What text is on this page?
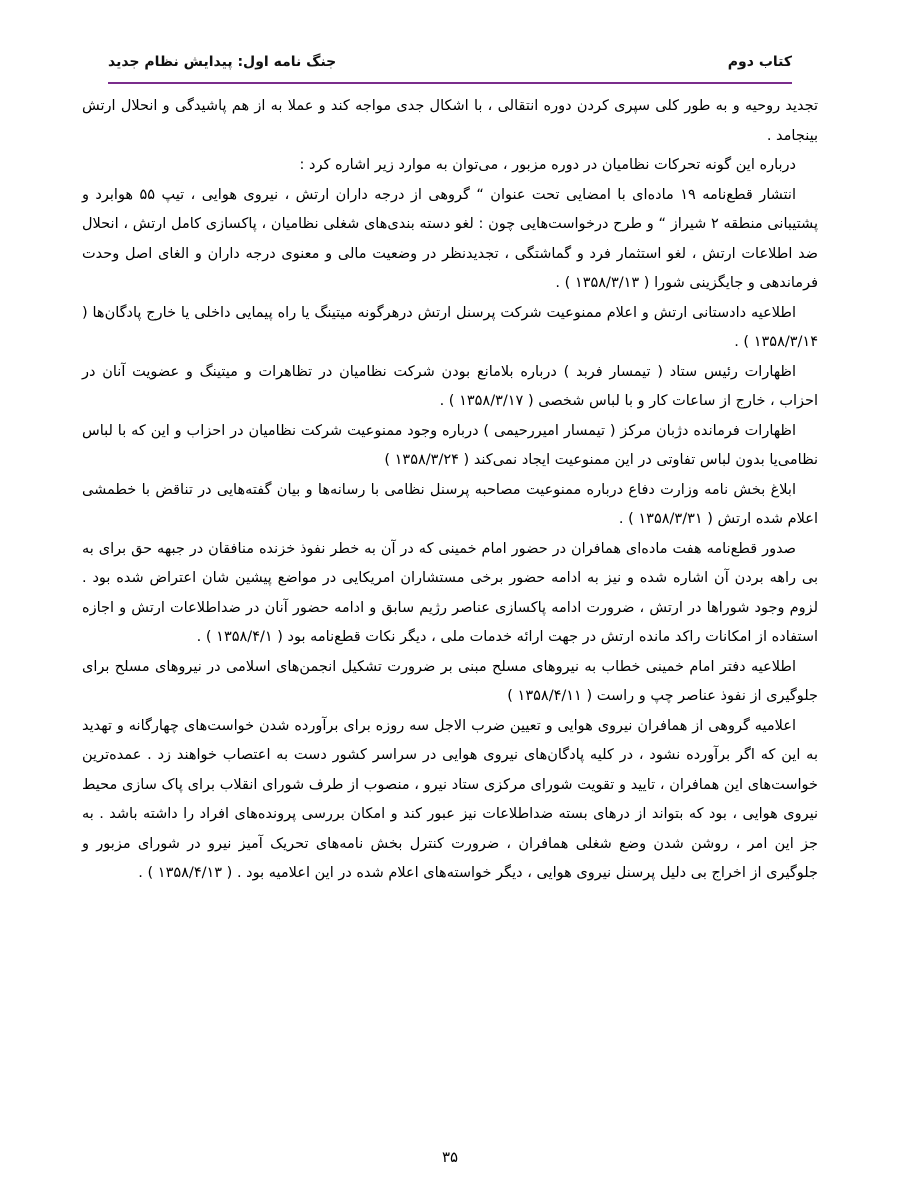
کتاب دوم
جنگ نامه اول: پیدایش نظام جدید

تجدید روحیه و به طور کلی سپری کردن دوره انتقالی ، با اشکال جدی مواجه کند و عملا به از هم پاشیدگی و انحلال ارتش بینجامد .

درباره این گونه تحرکات نظامیان در دوره مزبور ، می‌توان به موارد زیر اشاره کرد :

انتشار قطع‌نامه ۱۹ ماده‌ای با امضایی تحت عنوان “ گروهی از درجه داران ارتش ، نیروی هوایی ، تیپ ۵۵ هوابرد و پشتیبانی منطقه ۲ شیراز “ و طرح درخواست‌هایی چون : لغو دسته بندی‌های شغلی نظامیان ، پاکسازی کامل ارتش ، انحلال ضد اطلاعات ارتش ، لغو استثمار فرد و گماشتگی ، تجدیدنظر در وضعیت مالی و معنوی درجه داران و الغای اصل وحدت فرماندهی و جایگزینی شورا ( ۱۳۵۸/۳/۱۳ ) .

اطلاعیه دادستانی ارتش و اعلام ممنوعیت شرکت پرسنل ارتش درهرگونه میتینگ یا راه پیمایی داخلی یا خارج پادگان‌ها ( ۱۳۵۸/۳/۱۴ ) .

اظهارات رئیس ستاد ( تیمسار فربد ) درباره بلامانع بودن شرکت نظامیان در تظاهرات و میتینگ و عضویت آنان در احزاب ، خارج از ساعات کار و با لباس شخصی ( ۱۳۵۸/۳/۱۷ ) .

اظهارات فرمانده دژبان مرکز ( تیمسار امیررحیمی ) درباره وجود ممنوعیت شرکت نظامیان در احزاب و این که با لباس نظامی‌یا بدون لباس تفاوتی در این ممنوعیت ایجاد نمی‌کند ( ۱۳۵۸/۳/۲۴ )

ابلاغ بخش نامه وزارت دفاع درباره ممنوعیت مصاحبه پرسنل نظامی با رسانه‌ها و بیان گفته‌هایی در تناقض با خطمشی اعلام شده ارتش ( ۱۳۵۸/۳/۳۱ ) .

صدور قطع‌نامه هفت ماده‌ای همافران در حضور امام خمینی که در آن به خطر نفوذ خزنده منافقان در جبهه حق برای به بی راهه بردن آن اشاره شده و نیز به ادامه حضور برخی مستشاران امریکایی در مواضع پیشین شان اعتراض شده بود . لزوم وجود شوراها در ارتش ، ضرورت ادامه پاکسازی عناصر رژیم سابق و ادامه حضور آنان در ضداطلاعات ارتش و اجازه استفاده از امکانات راکد مانده ارتش در جهت ارائه خدمات ملی ، دیگر نکات قطع‌نامه بود ( ۱۳۵۸/۴/۱ ) .

اطلاعیه دفتر امام خمینی خطاب به نیروهای مسلح مبنی بر ضرورت تشکیل انجمن‌های اسلامی در نیروهای مسلح برای جلوگیری از نفوذ عناصر چپ و راست ( ۱۳۵۸/۴/۱۱ )

اعلامیه گروهی از همافران نیروی هوایی و تعیین ضرب الاجل سه روزه برای برآورده شدن خواست‌های چهارگانه و تهدید به این که اگر برآورده نشود ، در کلیه پادگان‌های نیروی هوایی در سراسر کشور دست به اعتصاب خواهند زد . عمده‌ترین خواست‌های این همافران ، تایید و تقویت شورای مرکزی ستاد نیرو ، منصوب از طرف شورای انقلاب برای پاک سازی محیط نیروی هوایی ، بود که بتواند از درهای بسته ضداطلاعات نیز عبور کند و امکان بررسی پرونده‌های افراد را داشته باشد . به جز این امر ، روشن شدن وضع شغلی همافران ، ضرورت کنترل بخش نامه‌های تحریک آمیز نیرو در شورای مزبور و جلوگیری از اخراج بی دلیل پرسنل نیروی هوایی ، دیگر خواسته‌های اعلام شده در این اعلامیه بود . ( ۱۳۵۸/۴/۱۳ ) .

۳۵
